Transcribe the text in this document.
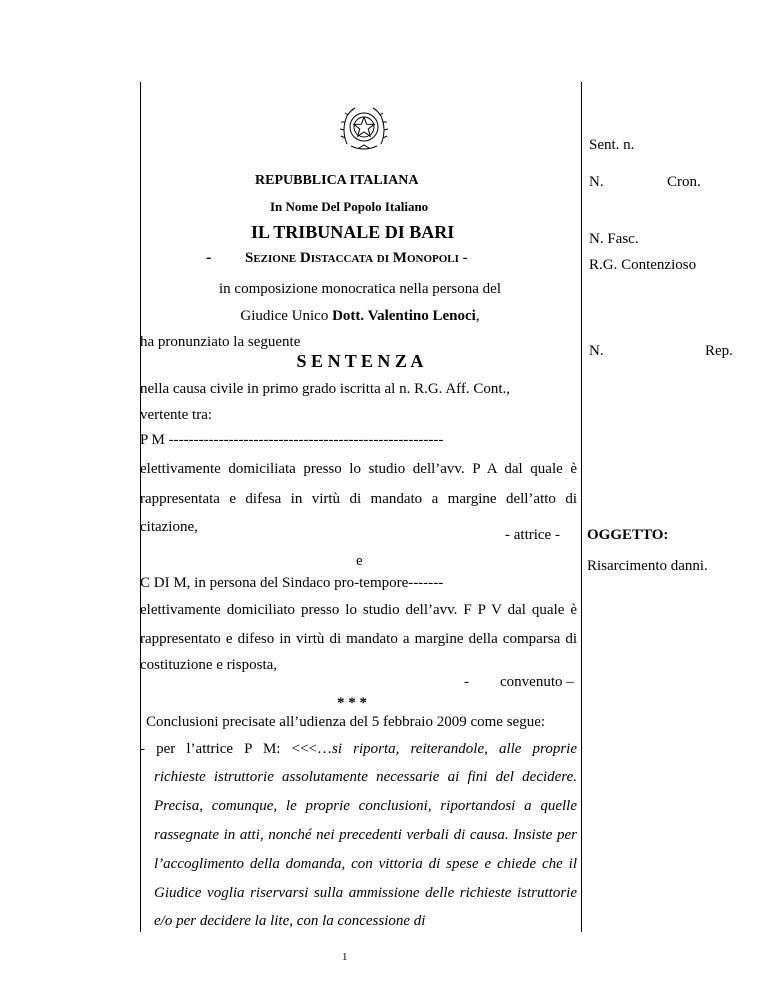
Sent. n.
N.	Cron.
N. Fasc.
R.G. Contenzioso
N.	Rep.
OGGETTO:
Risarcimento danni.
REPUBBLICA ITALIANA
In Nome Del Popolo Italiano
IL TRIBUNALE DI BARI
- Sezione Distaccata di Monopoli -
in composizione monocratica nella persona del
Giudice Unico Dott. Valentino Lenoci,
ha pronunziato la seguente
S E N T E N Z A
nella causa civile in primo grado iscritta al n. R.G. Aff. Cont.,
vertente tra:
P M -------------------------------------------------------
elettivamente domiciliata presso lo studio dell’avv. P A dal quale è
rappresentata e difesa in virtù di mandato a margine dell’atto di
citazione,	- attrice -
e
C DI M, in persona del Sindaco pro-tempore-------
elettivamente domiciliato presso lo studio dell’avv. F P V dal quale è
rappresentato e difeso in virtù di mandato a margine della comparsa di
costituzione e risposta,
- convenuto –
* * *
Conclusioni precisate all’udienza del 5 febbraio 2009 come segue:
- per l’attrice P M: <<<…si riporta, reiterandole, alle proprie
richieste istruttorie assolutamente necessarie ai fini del decidere.
Precisa, comunque, le proprie conclusioni, riportandosi a quelle
rassegnate in atti, nonché nei precedenti verbali di causa. Insiste per
l’accoglimento della domanda, con vittoria di spese e chiede che il
Giudice voglia riservarsi sulla ammissione delle richieste istruttorie
e/o per decidere la lite, con la concessione di
1
